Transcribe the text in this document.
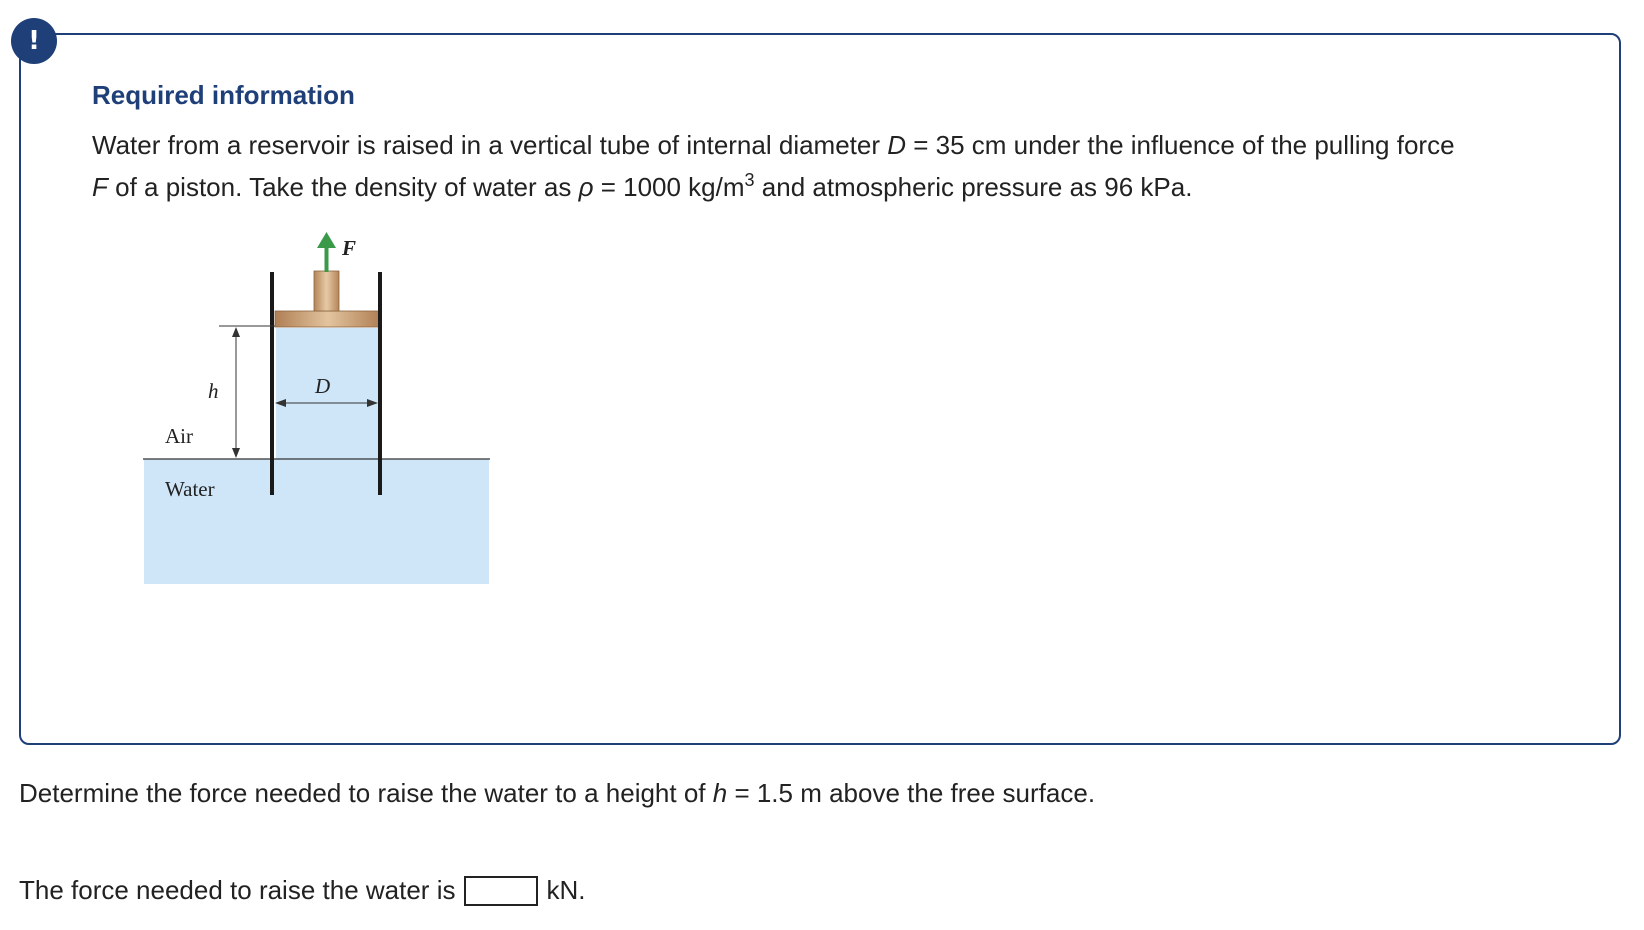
!
Required information

Water from a reservoir is raised in a vertical tube of internal diameter D = 35 cm under the influence of the pulling force
F of a piston. Take the density of water as ρ = 1000 $kg/m^3$ and atmospheric pressure as 96 kPa.

F
D
h
Air
Water

Determine the force needed to raise the water to a height of h = 1.5 m above the free surface.

The force needed to raise the water is	kN.
